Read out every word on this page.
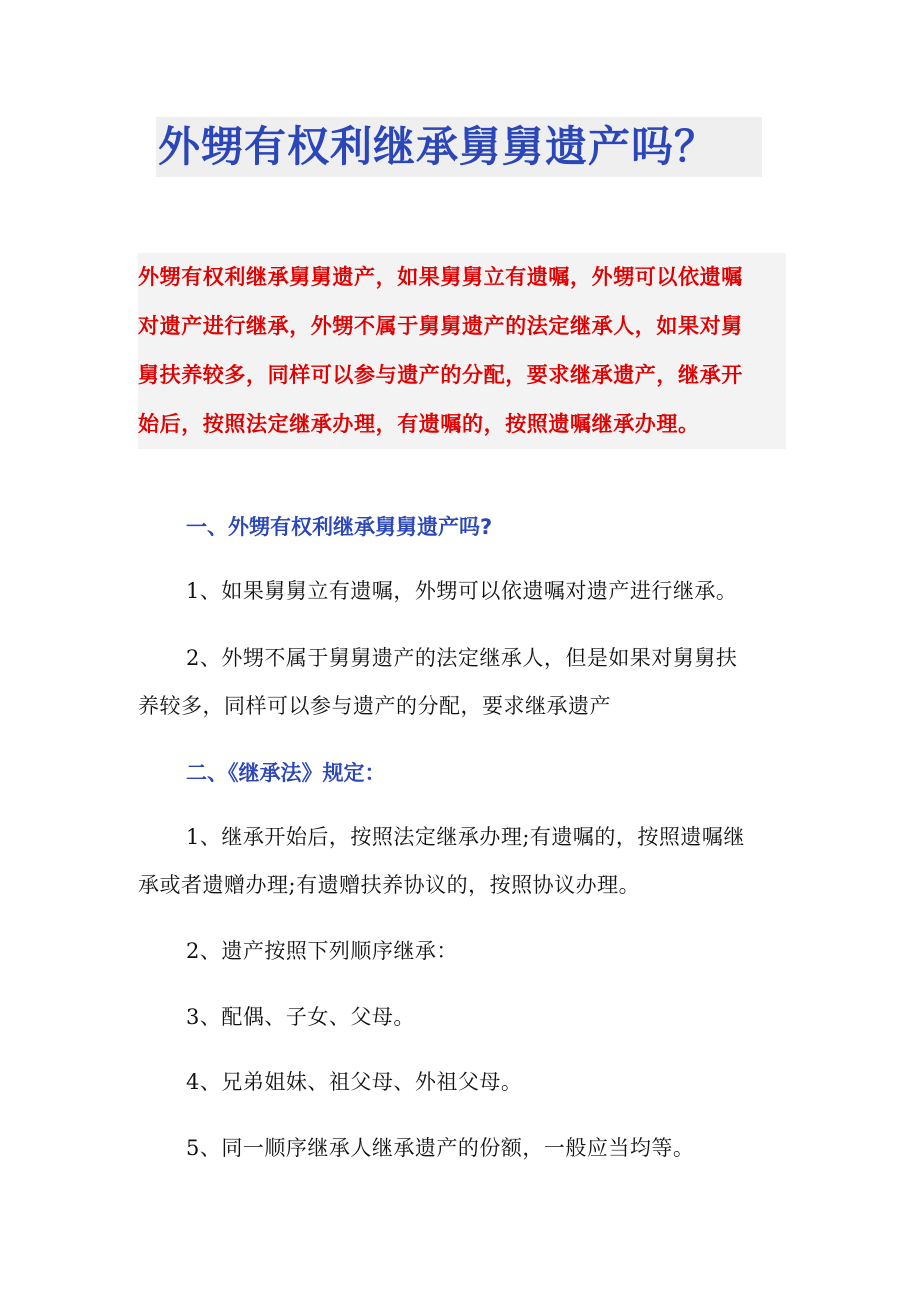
外甥有权利继承舅舅遗产吗？

外甥有权利继承舅舅遗产，如果舅舅立有遗嘱，外甥可以依遗嘱
对遗产进行继承，外甥不属于舅舅遗产的法定继承人，如果对舅
舅扶养较多，同样可以参与遗产的分配，要求继承遗产，继承开
始后，按照法定继承办理，有遗嘱的，按照遗嘱继承办理。

一、外甥有权利继承舅舅遗产吗?

1、如果舅舅立有遗嘱，外甥可以依遗嘱对遗产进行继承。

2、外甥不属于舅舅遗产的法定继承人，但是如果对舅舅扶
养较多，同样可以参与遗产的分配，要求继承遗产

二、《继承法》规定：

1、继承开始后，按照法定继承办理;有遗嘱的，按照遗嘱继
承或者遗赠办理;有遗赠扶养协议的，按照协议办理。

2、遗产按照下列顺序继承：

3、配偶、子女、父母。

4、兄弟姐妹、祖父母、外祖父母。

5、同一顺序继承人继承遗产的份额，一般应当均等。
